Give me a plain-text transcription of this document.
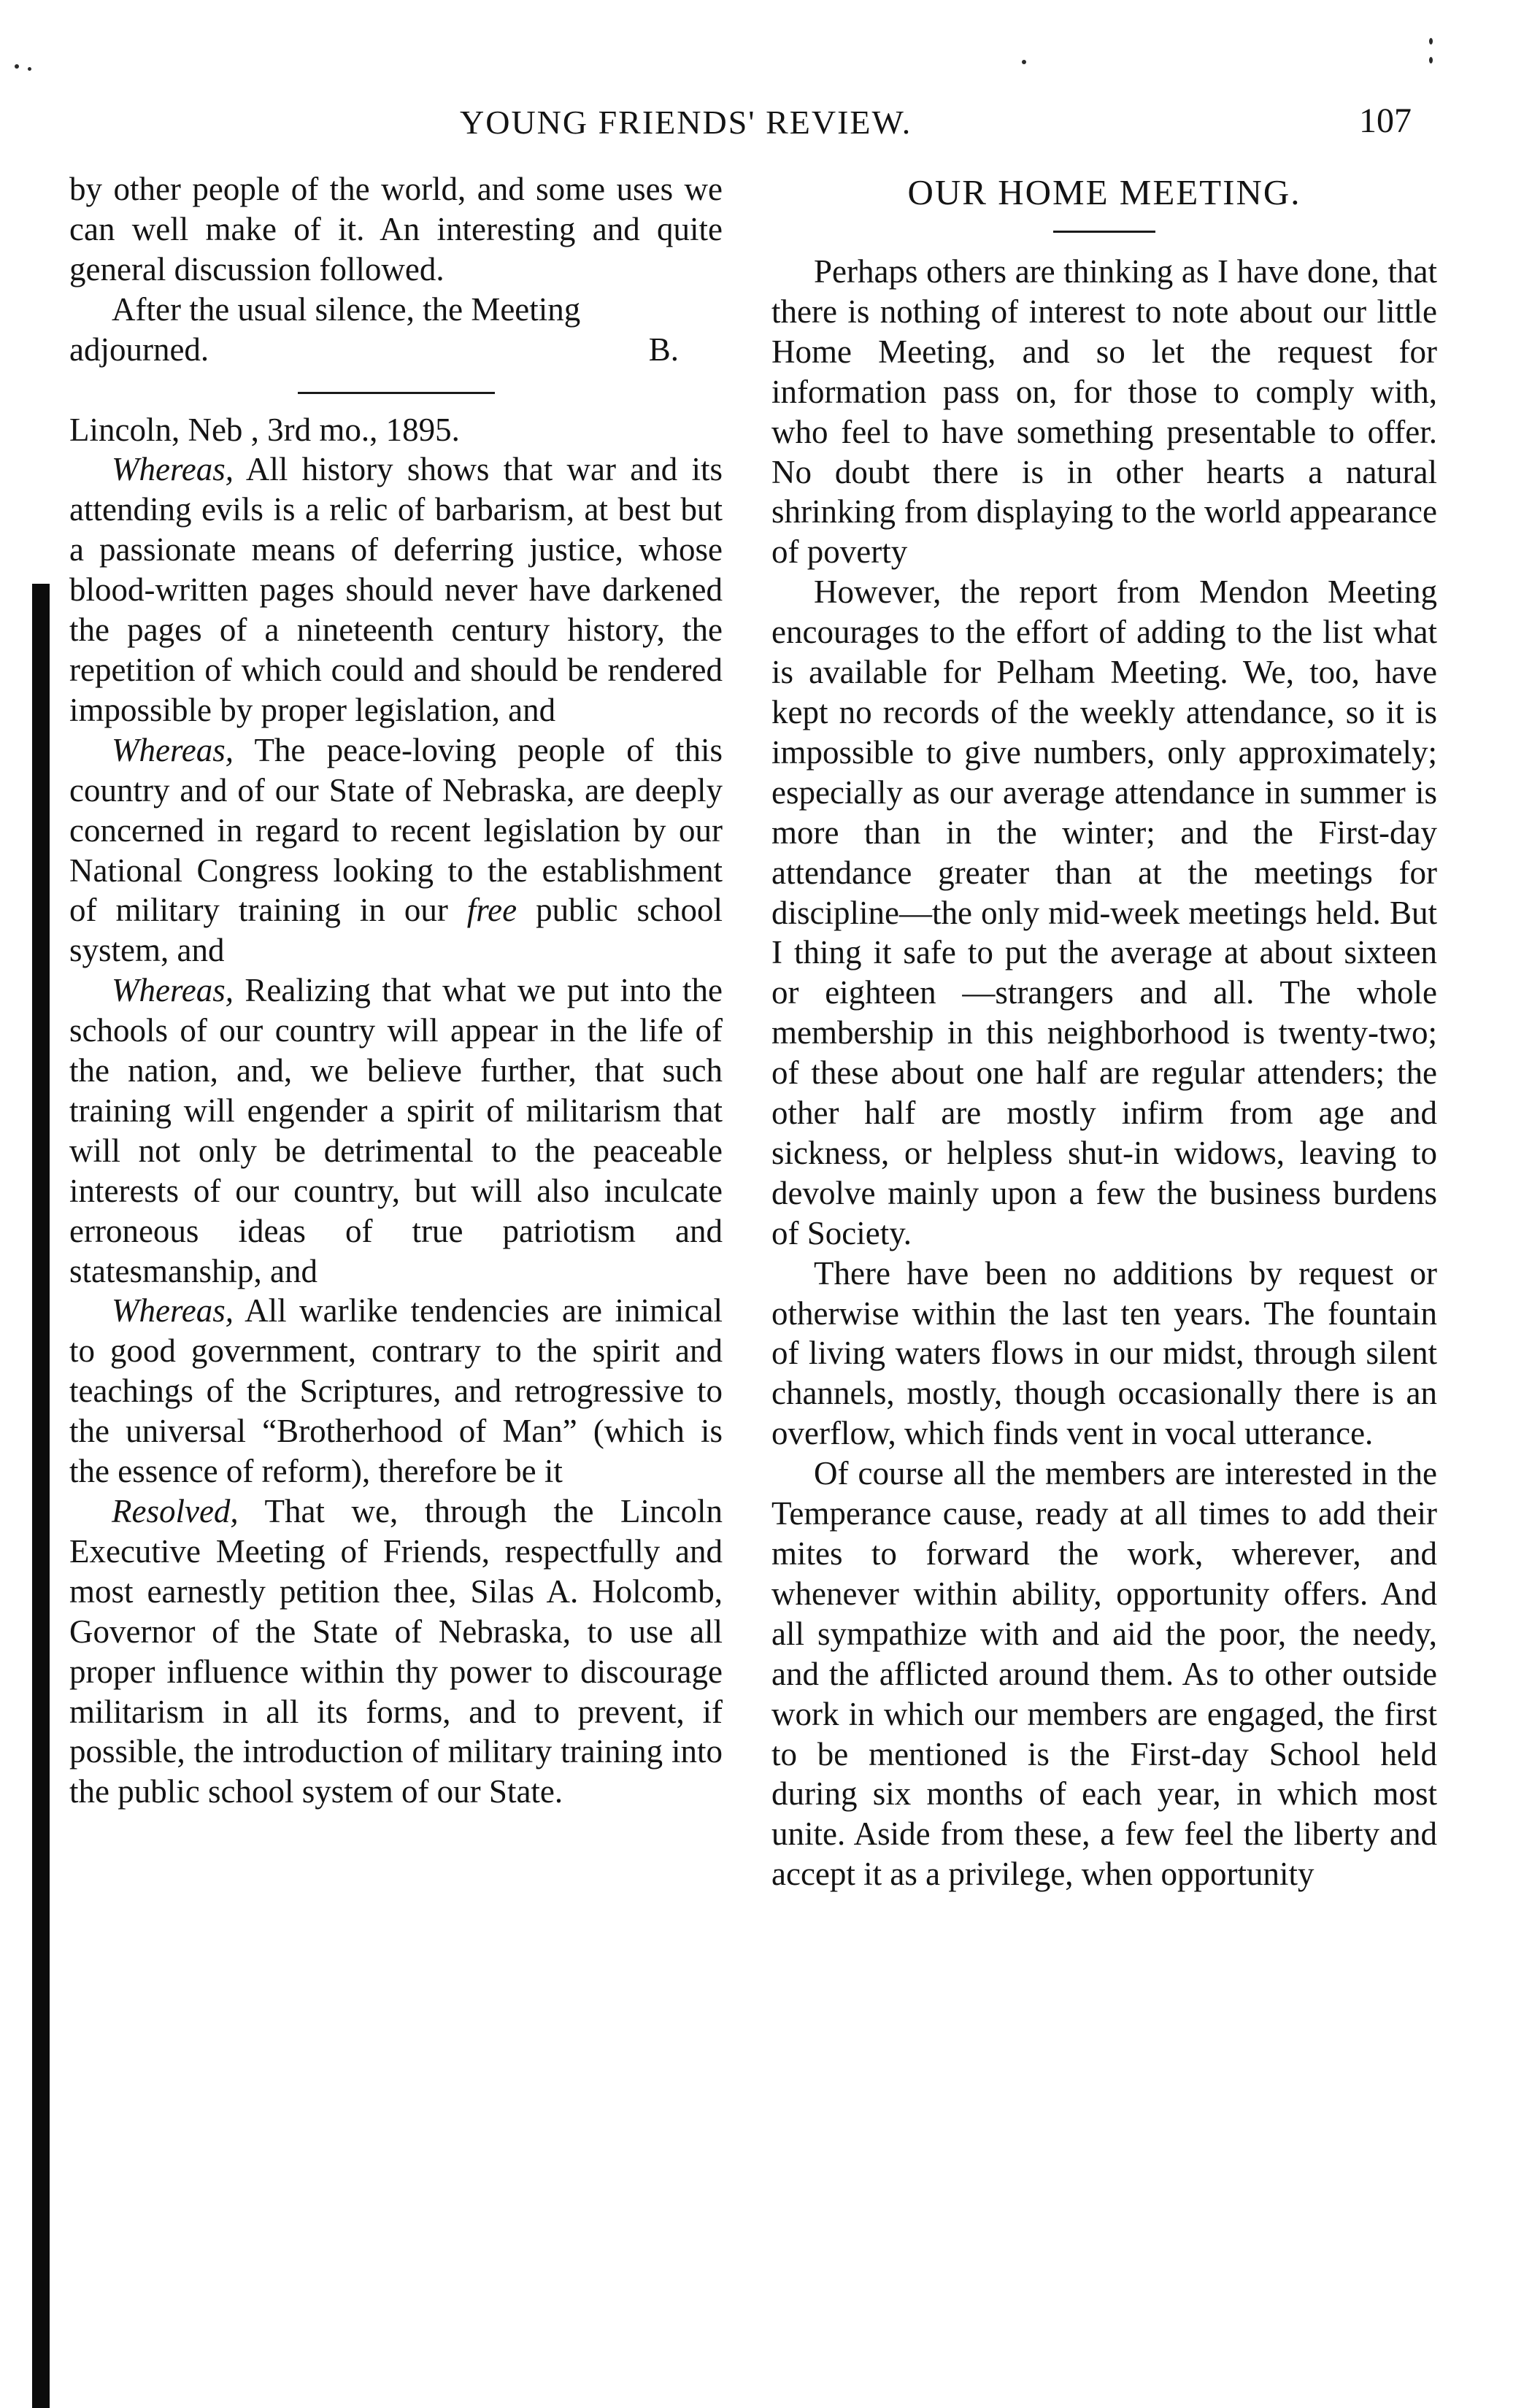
YOUNG FRIENDS' REVIEW.	107

by other people of the world, and some uses we can well make of it. An interesting and quite general discussion followed.

After the usual silence, the Meeting adjourned.	B.

Lincoln, Neb , 3rd mo., 1895.

Whereas, All history shows that war and its attending evils is a relic of barbarism, at best but a passionate means of deferring justice, whose blood-written pages should never have darkened the pages of a nineteenth century history, the repetition of which could and should be rendered impossible by proper legislation, and

Whereas, The peace-loving people of this country and of our State of Nebraska, are deeply concerned in regard to recent legislation by our National Congress looking to the establishment of military training in our free public school system, and

Whereas, Realizing that what we put into the schools of our country will appear in the life of the nation, and, we believe further, that such training will engender a spirit of militarism that will not only be detrimental to the peaceable interests of our country, but will also inculcate erroneous ideas of true patriotism and statesmanship, and

Whereas, All warlike tendencies are inimical to good government, contrary to the spirit and teachings of the Scriptures, and retrogressive to the universal “Brotherhood of Man” (which is the essence of reform), therefore be it

Resolved, That we, through the Lincoln Executive Meeting of Friends, respectfully and most earnestly petition thee, Silas A. Holcomb, Governor of the State of Nebraska, to use all proper influence within thy power to discourage militarism in all its forms, and to prevent, if possible, the introduction of military training into the public school system of our State.

OUR HOME MEETING.

Perhaps others are thinking as I have done, that there is nothing of interest to note about our little Home Meeting, and so let the request for information pass on, for those to comply with, who feel to have something presentable to offer. No doubt there is in other hearts a natural shrinking from displaying to the world appearance of poverty

However, the report from Mendon Meeting encourages to the effort of adding to the list what is available for Pelham Meeting. We, too, have kept no records of the weekly attendance, so it is impossible to give numbers, only approximately; especially as our average attendance in summer is more than in the winter; and the First-day attendance greater than at the meetings for discipline—the only mid-week meetings held. But I thing it safe to put the average at about sixteen or eighteen —strangers and all. The whole membership in this neighborhood is twenty-two; of these about one half are regular attenders; the other half are mostly infirm from age and sickness, or helpless shut-in widows, leaving to devolve mainly upon a few the business burdens of Society.

There have been no additions by request or otherwise within the last ten years. The fountain of living waters flows in our midst, through silent channels, mostly, though occasionally there is an overflow, which finds vent in vocal utterance.

Of course all the members are interested in the Temperance cause, ready at all times to add their mites to forward the work, wherever, and whenever within ability, opportunity offers. And all sympathize with and aid the poor, the needy, and the afflicted around them. As to other outside work in which our members are engaged, the first to be mentioned is the First-day School held during six months of each year, in which most unite. Aside from these, a few feel the liberty and accept it as a privilege, when opportunity
